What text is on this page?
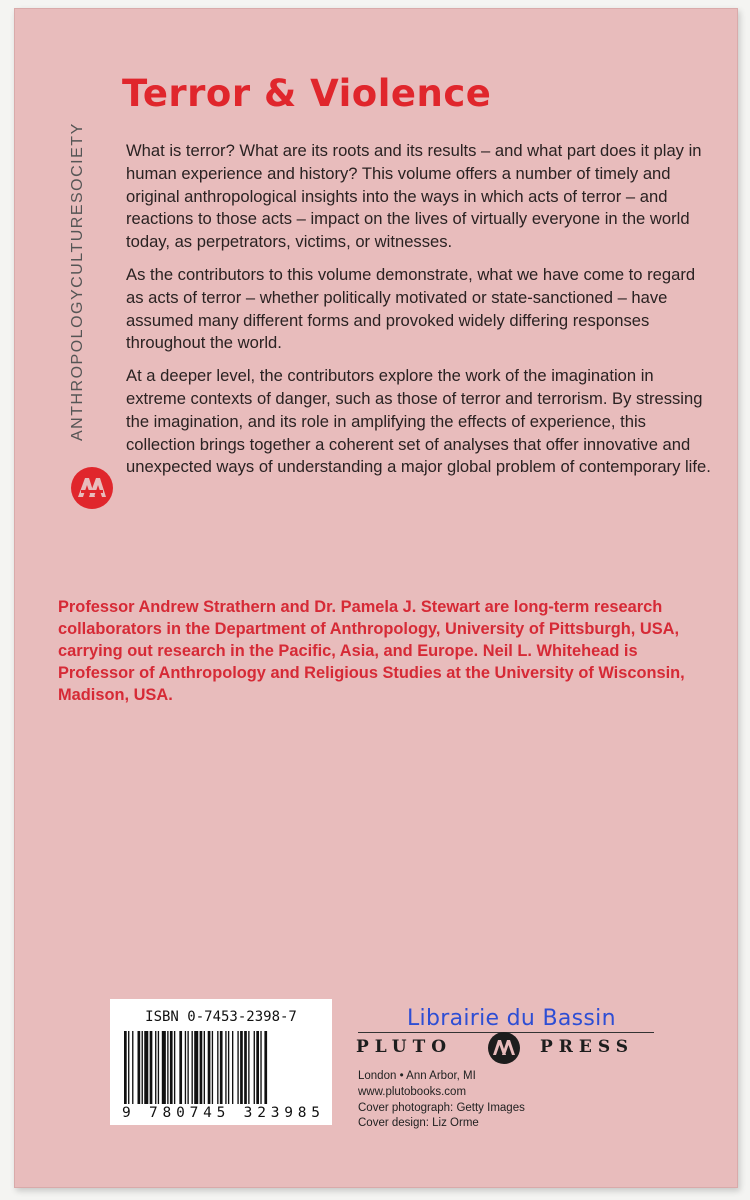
Terror & Violence
ANTHROPOLOGYCULTURESOCIETY What is terror? What are its roots and its results – and what part does it play in human experience and history? This volume offers a number of timely and original anthropological insights into the ways in which acts of terror – and reactions to those acts – impact on the lives of virtually everyone in the world today, as perpetrators, victims, or witnesses.

As the contributors to this volume demonstrate, what we have come to regard as acts of terror – whether politically motivated or state-sanctioned – have assumed many different forms and provoked widely differing responses throughout the world.

At a deeper level, the contributors explore the work of the imagination in extreme contexts of danger, such as those of terror and terrorism. By stressing the imagination, and its role in amplifying the effects of experience, this collection brings together a coherent set of analyses that offer innovative and unexpected ways of understanding a major global problem of contemporary life.

Professor Andrew Strathern and Dr. Pamela J. Stewart are long-term research collaborators in the Department of Anthropology, University of Pittsburgh, USA, carrying out research in the Pacific, Asia, and Europe. Neil L. Whitehead is Professor of Anthropology and Religious Studies at the University of Wisconsin, Madison, USA.

ISBN 0-7453-2398-7
9 780745 323985
Librairie du Bassin
PLUTO	PRESS
London • Ann Arbor, MI
www.plutobooks.com
Cover photograph: Getty Images
Cover design: Liz Orme
